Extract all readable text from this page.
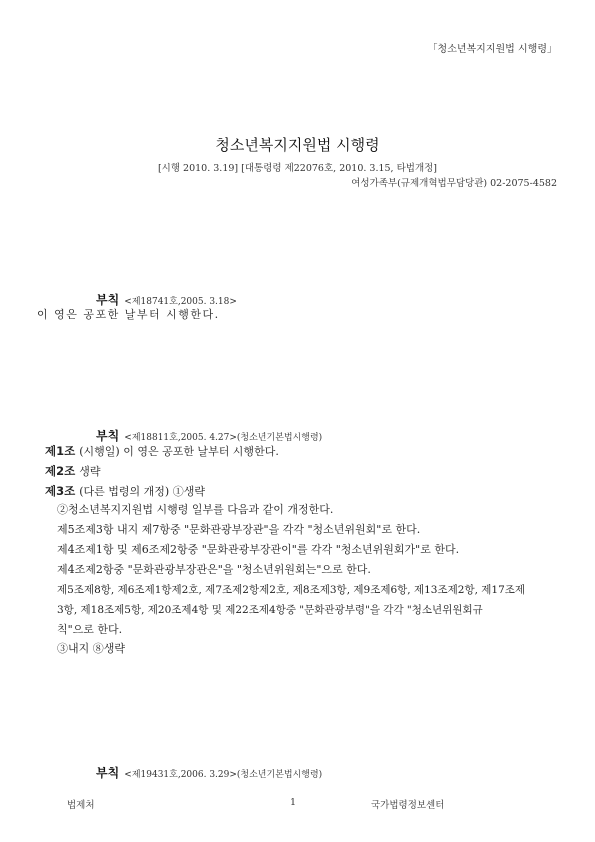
「청소년복지지원법 시행령」
청소년복지지원법 시행령
[시행 2010. 3.19] [대통령령 제22076호, 2010. 3.15, 타법개정]
여성가족부(규제개혁법무담당관) 02-2075-4582
부칙 <제18741호,2005. 3.18>
이 영은 공포한 날부터 시행한다.
부칙 <제18811호,2005. 4.27>(청소년기본법시행령)
제1조 (시행일) 이 영은 공포한 날부터 시행한다.
제2조 생략
제3조 (다른 법령의 개정) ①생략
②청소년복지지원법 시행령 일부를 다음과 같이 개정한다.
제5조제3항 내지 제7항중 "문화관광부장관"을 각각 "청소년위원회"로 한다.
제4조제1항 및 제6조제2항중 "문화관광부장관이"를 각각 "청소년위원회가"로 한다.
제4조제2항중 "문화관광부장관은"을 "청소년위원회는"으로 한다.
제5조제8항, 제6조제1항제2호, 제7조제2항제2호, 제8조제3항, 제9조제6항, 제13조제2항, 제17조제
3항, 제18조제5항, 제20조제4항 및 제22조제4항중 "문화관광부령"을 각각 "청소년위원회규
칙"으로 한다.
③내지 ⑧생략
부칙 <제19431호,2006. 3.29>(청소년기본법시행령)
법제처	1	국가법령정보센터
